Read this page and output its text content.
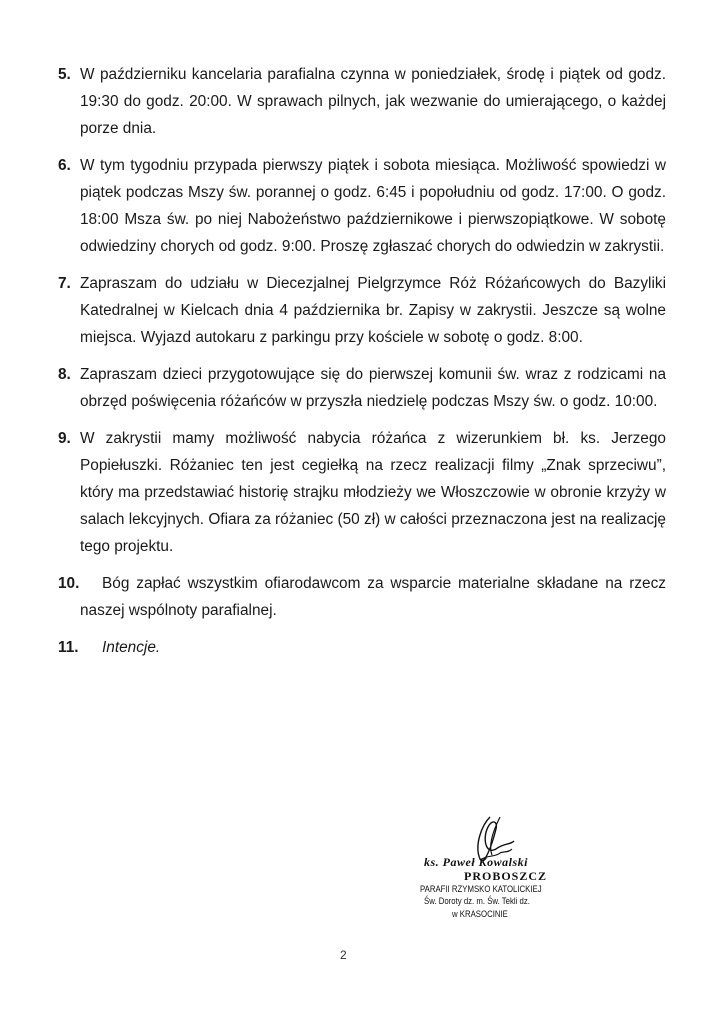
5. W październiku kancelaria parafialna czynna w poniedziałek, środę i piątek od godz. 19:30 do godz. 20:00. W sprawach pilnych, jak wezwanie do umierającego, o każdej porze dnia.
6. W tym tygodniu przypada pierwszy piątek i sobota miesiąca. Możliwość spowiedzi w piątek podczas Mszy św. porannej o godz. 6:45 i popołudniu od godz. 17:00. O godz. 18:00 Msza św. po niej Nabożeństwo październikowe i pierwszopiątkowe. W sobotę odwiedziny chorych od godz. 9:00. Proszę zgłaszać chorych do odwiedzin w zakrystii.
7. Zapraszam do udziału w Diecezjalnej Pielgrzymce Róż Różańcowych do Bazyliki Katedralnej w Kielcach dnia 4 października br. Zapisy w zakrystii. Jeszcze są wolne miejsca. Wyjazd autokaru z parkingu przy kościele w sobotę o godz. 8:00.
8. Zapraszam dzieci przygotowujące się do pierwszej komunii św. wraz z rodzicami na obrzęd poświęcenia różańców w przyszła niedzielę podczas Mszy św. o godz. 10:00.
9. W zakrystii mamy możliwość nabycia różańca z wizerunkiem bł. ks. Jerzego Popiełuszki. Różaniec ten jest cegiełką na rzecz realizacji filmy „Znak sprzeciwu”, który ma przedstawiać historię strajku młodzieży we Włoszczowie w obronie krzyży w salach lekcyjnych. Ofiara za różaniec (50 zł) w całości przeznaczona jest na realizację tego projektu.
10.	Bóg zapłać wszystkim ofiarodawcom za wsparcie materialne składane na rzecz naszej wspólnoty parafialnej.
11.	Intencje.
ks. Paweł Kowalski
PROBOSZCZ
PARAFII RZYMSKO KATOLICKIEJ
Św. Doroty dz. m. Św. Tekli dz.
w KRASOCINIE
2
